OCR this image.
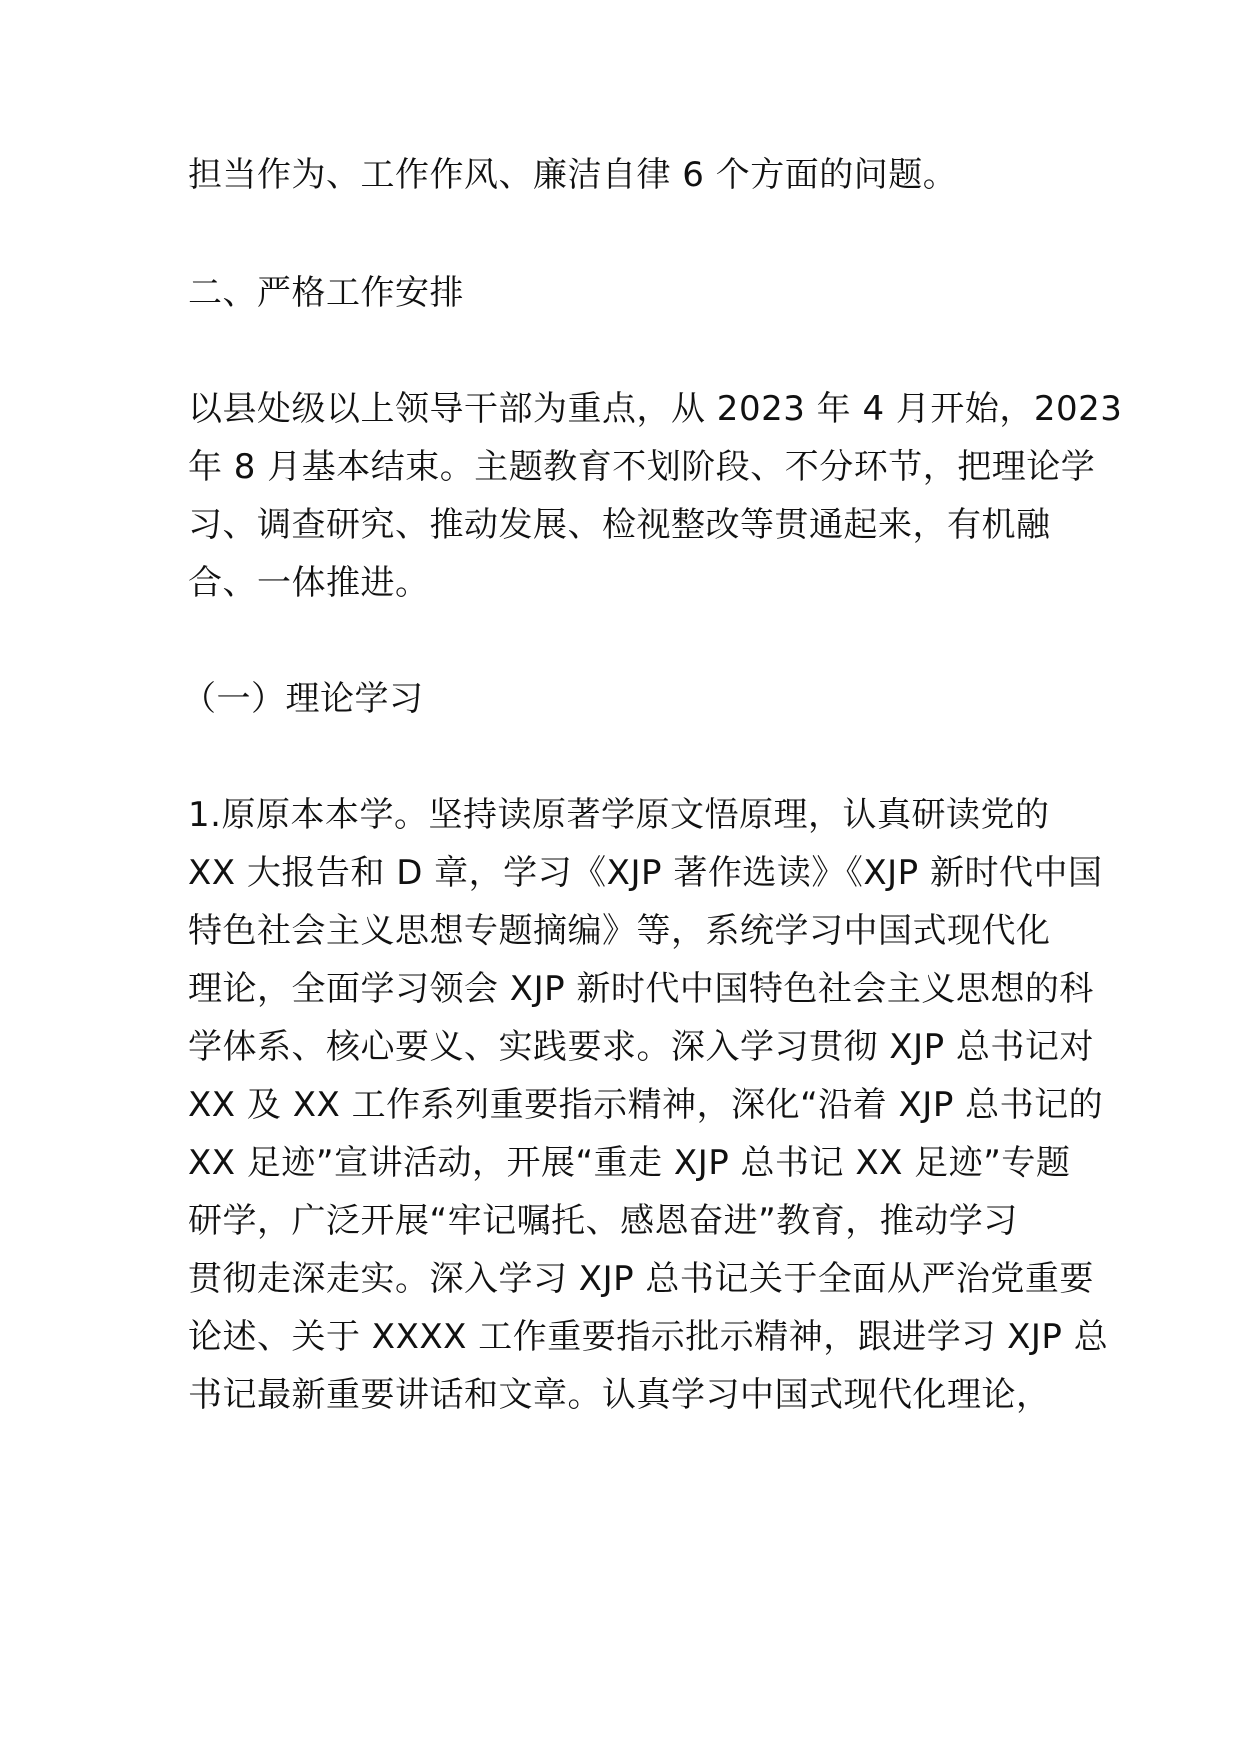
担当作为、工作作风、廉洁自律 6 个方面的问题。
二、严格工作安排
以县处级以上领导干部为重点，从 2023 年 4 月开始，2023
年 8 月基本结束。主题教育不划阶段、不分环节，把理论学
习、调查研究、推动发展、检视整改等贯通起来，有机融
合、一体推进。
（一）理论学习
1.原原本本学。坚持读原著学原文悟原理，认真研读党的
XX 大报告和 D 章，学习《XJP 著作选读》《XJP 新时代中国
特色社会主义思想专题摘编》等，系统学习中国式现代化
理论，全面学习领会 XJP 新时代中国特色社会主义思想的科
学体系、核心要义、实践要求。深入学习贯彻 XJP 总书记对
XX 及 XX 工作系列重要指示精神，深化“沿着 XJP 总书记的
XX 足迹”宣讲活动，开展“重走 XJP 总书记 XX 足迹”专题
研学，广泛开展“牢记嘱托、感恩奋进”教育，推动学习
贯彻走深走实。深入学习 XJP 总书记关于全面从严治党重要
论述、关于 XXXX 工作重要指示批示精神，跟进学习 XJP 总
书记最新重要讲话和文章。认真学习中国式现代化理论，
